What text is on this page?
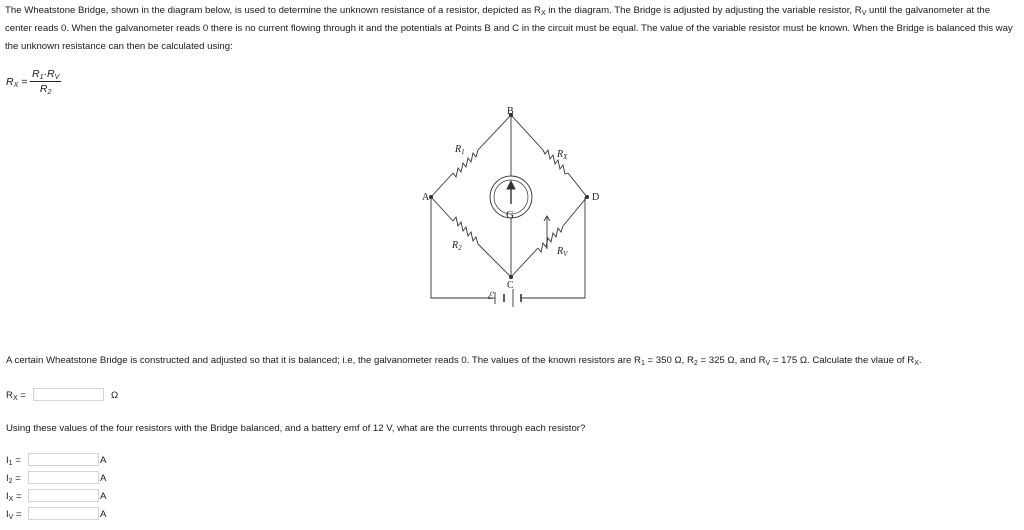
The Wheatstone Bridge, shown in the diagram below, is used to determine the unknown resistance of a resistor, depicted as $R_X$ in the diagram. The Bridge is adjusted by adjusting the variable resistor, $R_V$ until the galvanometer at the center reads 0. When the galvanometer reads 0 there is no current flowing through it and the potentials at Points B and C in the circuit must be equal. The value of the variable resistor must be known. When the Bridge is balanced this way the unknown resistance can then be calculated using:

$R_X = \frac{R_1\cdot R_V}{R_2}$
A
B
C
D
$R_1$	$R_X$
$R_2$	$R_V$
G
ℰ
A certain Wheatstone Bridge is constructed and adjusted so that it is balanced; i.e, the galvanometer reads 0. The values of the known resistors are $R_1 = 350$ Ω, $R_2 = 325$ Ω, and $R_V = 175$ Ω. Calculate the vlaue of $R_X$.
$R_X$ =	Ω
Using these values of the four resistors with the Bridge balanced, and a battery emf of 12 V, what are the currents through each resistor?
$I_1$ =	A
$I_2$ =	A
$I_X$ =	A
$I_V$ =	A
